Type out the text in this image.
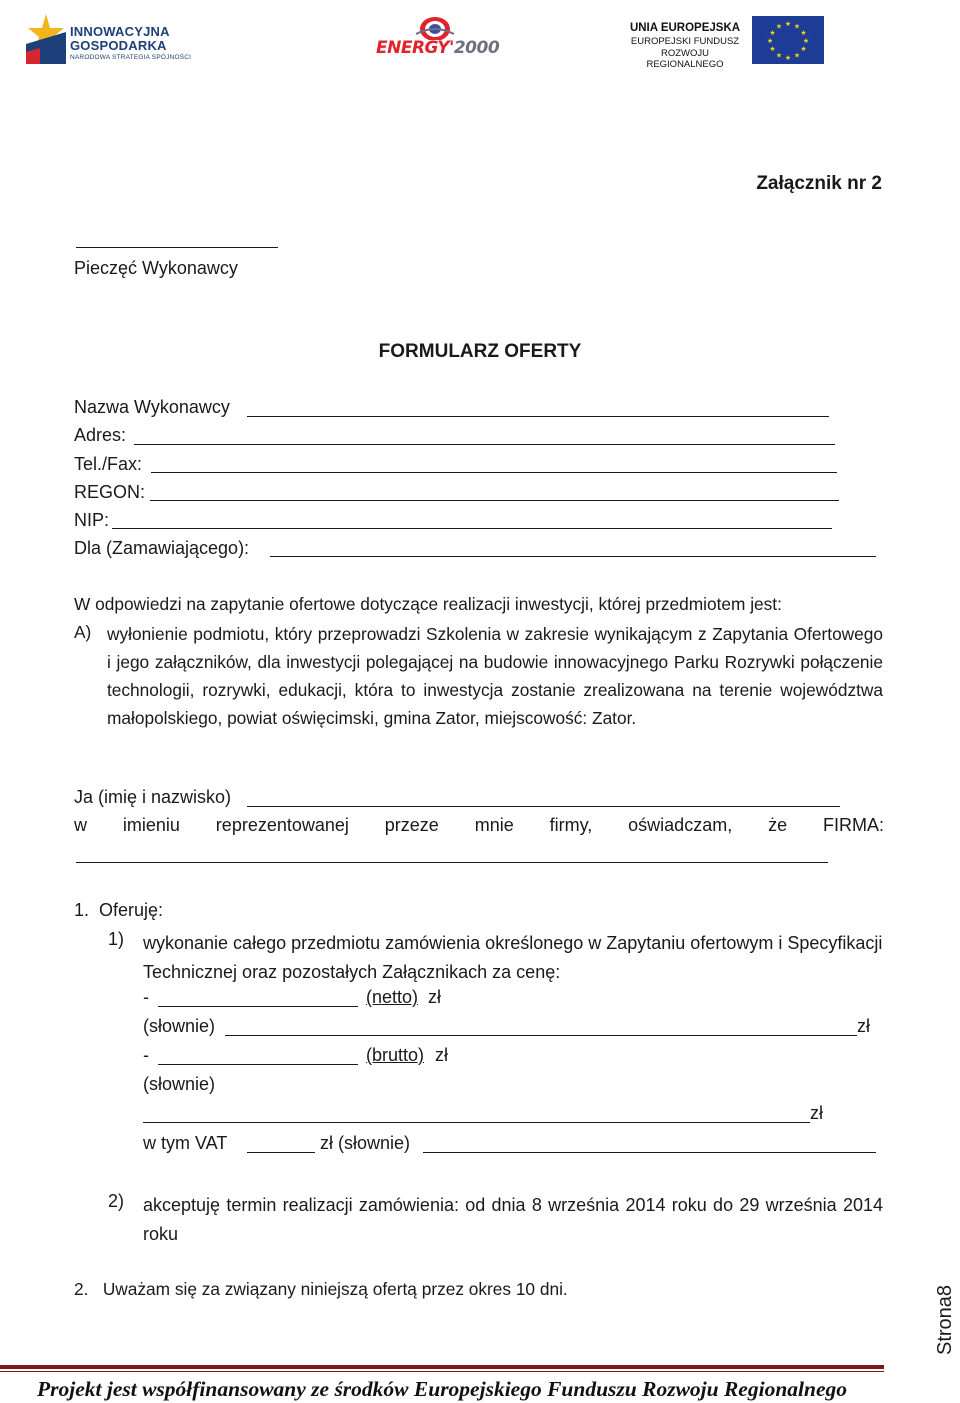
INNOWACYJNA
GOSPODARKA
NARODOWA STRATEGIA SPÓJNOŚCI	ENERGY'2000
UNIA EUROPEJSKA
EUROPEJSKI FUNDUSZ
ROZWOJU REGIONALNEGO
★ ★
★
★
★
★
★
★
★
★
★
★
Załącznik nr 2
Pieczęć Wykonawcy
FORMULARZ OFERTY
Nazwa Wykonawcy
Adres:
Tel./Fax:
REGON:
NIP:
Dla (Zamawiającego):
W odpowiedzi na zapytanie ofertowe dotyczące realizacji inwestycji, której przedmiotem jest:
A) wyłonienie podmiotu, który przeprowadzi Szkolenia w zakresie wynikającym z Zapytania Ofertowego i jego załączników, dla inwestycji polegającej na budowie innowacyjnego Parku Rozrywki połączenie technologii, rozrywki, edukacji, która to inwestycja zostanie zrealizowana na terenie województwa małopolskiego, powiat oświęcimski, gmina Zator, miejscowość: Zator.
Ja (imię i nazwisko)
w imieniu reprezentowanej przeze mnie firmy, oświadczam, że FIRMA:
1. Oferuję:
1) wykonanie całego przedmiotu zamówienia określonego w Zapytaniu ofertowym i Specyfikacji Technicznej oraz pozostałych Załącznikach za cenę:
-	(netto) zł
(słownie)	zł
-	(brutto) zł
(słownie)
zł
w tym VAT	zł (słownie)
2) akceptuję termin realizacji zamówienia: od dnia 8 września 2014 roku do 29 września 2014 roku
2. Uważam się za związany niniejszą ofertą przez okres 10 dni.	Strona8
Projekt jest współfinansowany ze środków Europejskiego Funduszu Rozwoju Regionalnego
